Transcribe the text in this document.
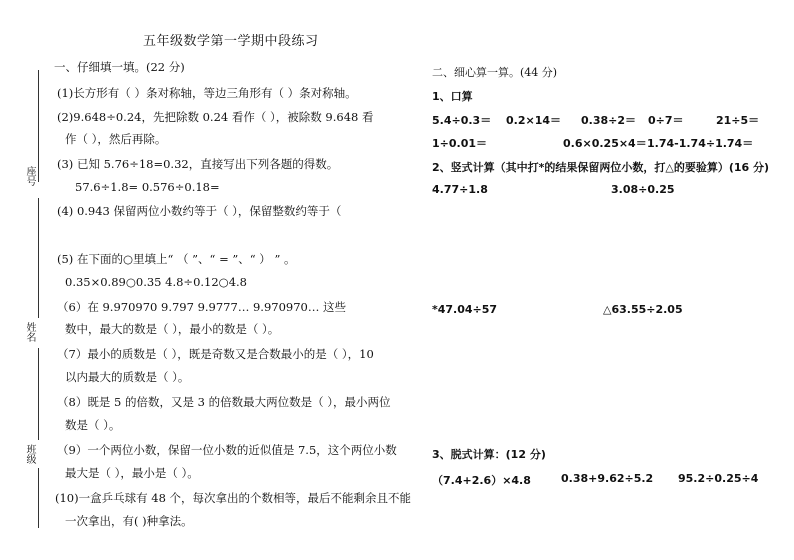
五年级数学第一学期中段练习
座号
姓名
班级
一、仔细填一填。(22 分)
(1)长方形有（ ）条对称轴，等边三角形有（ ）条对称轴。
(2)9.648÷0.24，先把除数 0.24 看作（ ），被除数 9.648 看
作（ ），然后再除。
(3) 已知 5.76÷18=0.32，直接写出下列各题的得数。
57.6÷1.8= 0.576÷0.18=
(4) 0.943 保留两位小数约等于（ ），保留整数约等于（
(5) 在下面的○里填上“ （ ”、“ = ”、“ ） ” 。
0.35×0.89○0.35 4.8÷0.12○4.8
（6）在 9.970970 9.797 9.9777… 9.970970… 这些
数中，最大的数是（ ），最小的数是（ ）。
（7）最小的质数是（ ），既是奇数又是合数最小的是（ ），10
以内最大的质数是（ ）。
（8）既是 5 的倍数，又是 3 的倍数最大两位数是（ ），最小两位
数是（ ）。
（9）一个两位小数，保留一位小数的近似值是 7.5，这个两位小数
最大是（ ），最小是（ ）。
(10)一盒乒乓球有 48 个，每次拿出的个数相等，最后不能剩余且不能
一次拿出，有( )种拿法。
二、细心算一算。(44 分)
1、口算
5.4÷0.3＝ 0.2×14＝ 0.38÷2＝ 0÷7＝	21÷5＝
1÷0.01＝	0.6×0.25×4＝ 1.74-1.74÷1.74＝
2、竖式计算（其中打*的结果保留两位小数，打△的要验算）(16 分)
4.77÷1.8	3.08÷0.25
*47.04÷57	△63.55÷2.05
3、脱式计算：(12 分)
（7.4+2.6）×4.8	0.38+9.62÷5.2 95.2÷0.25÷4
